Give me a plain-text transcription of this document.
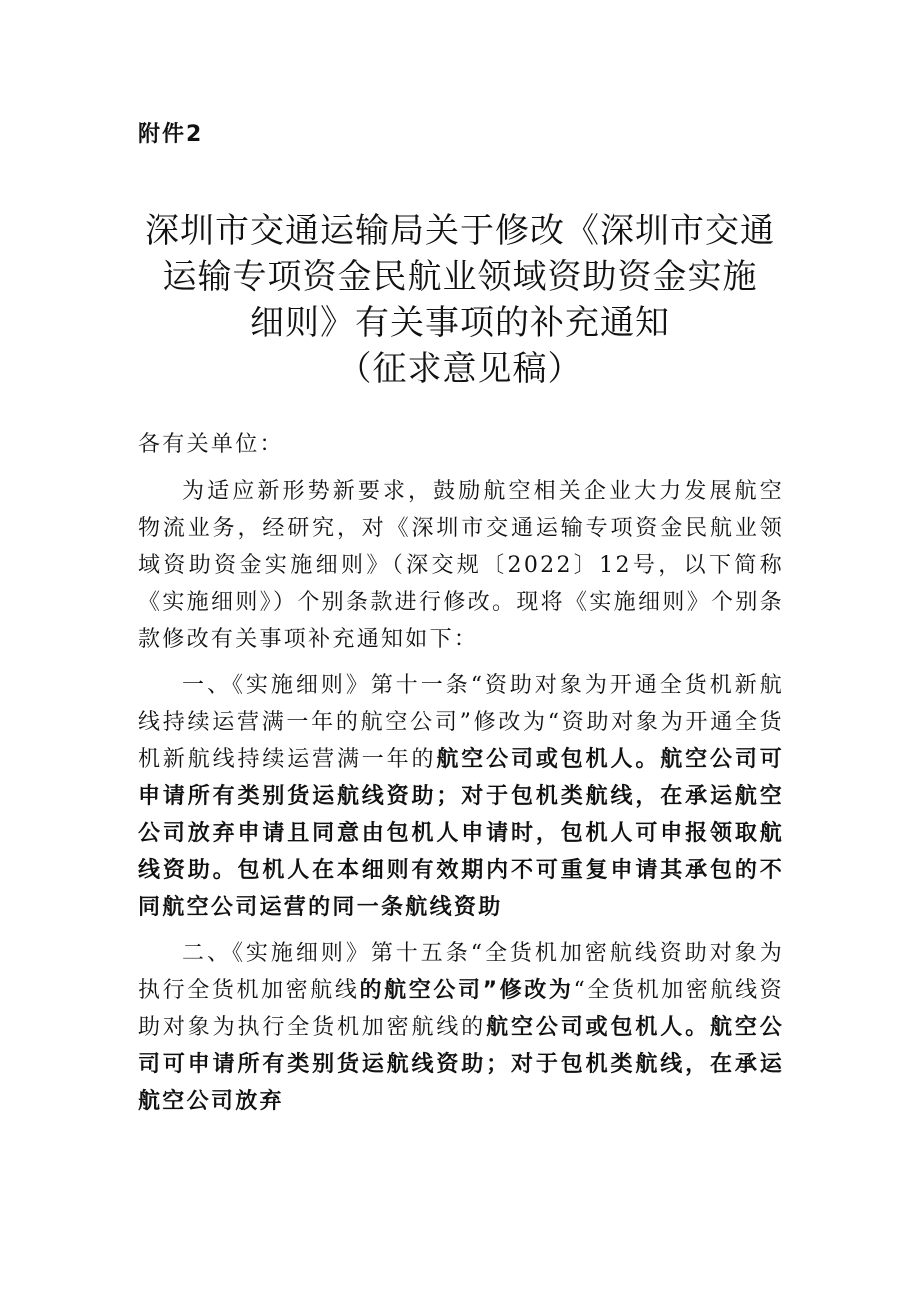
附件2
深圳市交通运输局关于修改《深圳市交通
运输专项资金民航业领域资助资金实施
细则》有关事项的补充通知
（征求意见稿）

各有关单位：

为适应新形势新要求，鼓励航空相关企业大力发展航空物流业务，经研究，对《深圳市交通运输专项资金民航业领域资助资金实施细则》（深交规〔2022〕12号，以下简称《实施细则》）个别条款进行修改。现将《实施细则》个别条款修改有关事项补充通知如下：

一、《实施细则》第十一条“资助对象为开通全货机新航线持续运营满一年的航空公司”修改为“资助对象为开通全货机新航线持续运营满一年的航空公司或包机人。航空公司可申请所有类别货运航线资助；对于包机类航线，在承运航空公司放弃申请且同意由包机人申请时，包机人可申报领取航线资助。包机人在本细则有效期内不可重复申请其承包的不同航空公司运营的同一条航线资助

二、《实施细则》第十五条“全货机加密航线资助对象为执行全货机加密航线的航空公司”修改为“全货机加密航线资助对象为执行全货机加密航线的航空公司或包机人。航空公司可申请所有类别货运航线资助；对于包机类航线，在承运航空公司放弃
